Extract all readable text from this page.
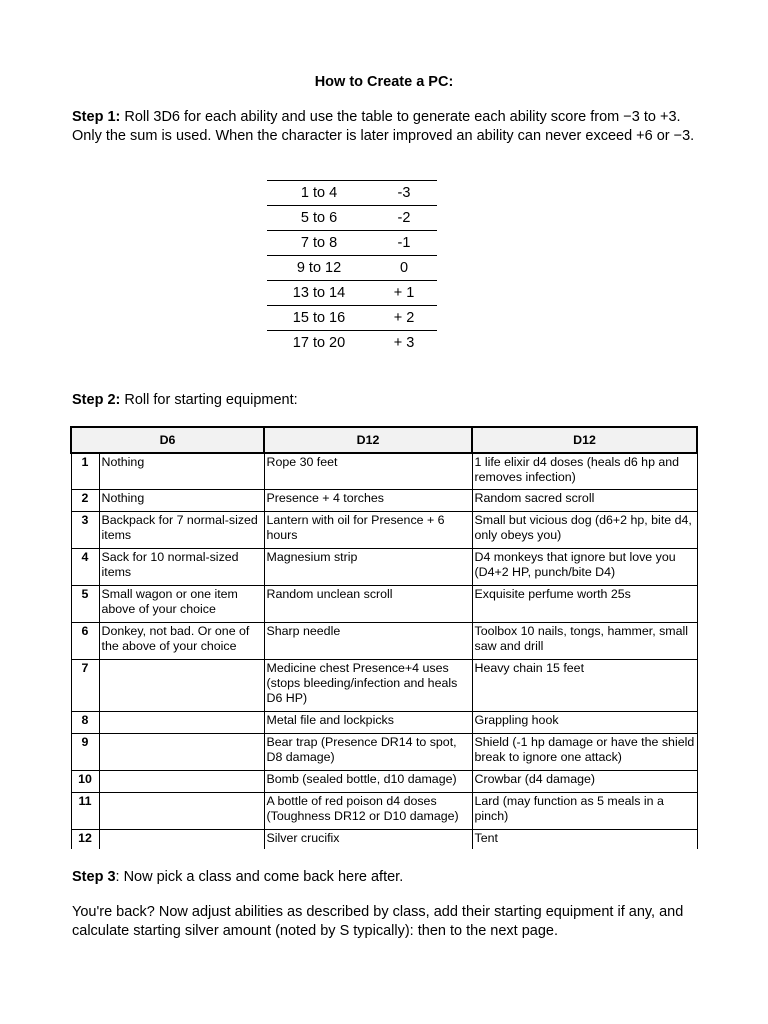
How to Create a PC:
Step 1: Roll 3D6 for each ability and use the table to generate each ability score from −3 to +3. Only the sum is used. When the character is later improved an ability can never exceed +6 or −3.
1 to 4	-3
5 to 6	-2
7 to 8	-1
9 to 12	0
13 to 14	+ 1
15 to 16	+ 2
17 to 20	+ 3
Step 2: Roll for starting equipment:
D6		D12	D12
1	Nothing	Rope 30 feet	1 life elixir d4 doses (heals d6 hp and removes infection)
2	Nothing	Presence + 4 torches	Random sacred scroll
3	Backpack for 7 normal-sized items	Lantern with oil for Presence + 6 hours	Small but vicious dog (d6+2 hp, bite d4, only obeys you)
4	Sack for 10 normal-sized items	Magnesium strip	D4 monkeys that ignore but love you (D4+2 HP, punch/bite D4)
5	Small wagon or one item above of your choice	Random unclean scroll	Exquisite perfume worth 25s
6	Donkey, not bad. Or one of the above of your choice	Sharp needle	Toolbox 10 nails, tongs, hammer, small saw and drill
7		Medicine chest Presence+4 uses (stops bleeding/infection and heals D6 HP)	Heavy chain 15 feet
8		Metal file and lockpicks	Grappling hook
9		Bear trap (Presence DR14 to spot, D8 damage)	Shield (-1 hp damage or have the shield break to ignore one attack)
10		Bomb (sealed bottle, d10 damage)	Crowbar (d4 damage)
11		A bottle of red poison d4 doses (Toughness DR12 or D10 damage)	Lard (may function as 5 meals in a pinch)
12		Silver crucifix	Tent
Step 3: Now pick a class and come back here after.
You're back? Now adjust abilities as described by class, add their starting equipment if any, and calculate starting silver amount (noted by S typically): then to the next page.
